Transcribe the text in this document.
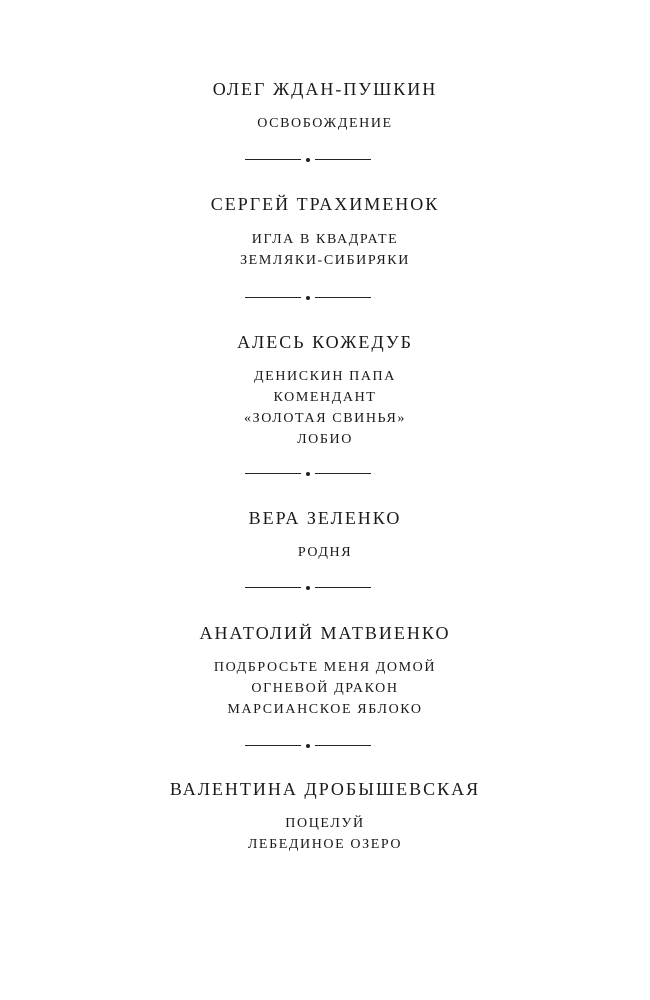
ОЛЕГ ЖДАН-ПУШКИН
ОСВОБОЖДЕНИЕ
СЕРГЕЙ ТРАХИМЕНОК
ИГЛА В КВАДРАТЕ
ЗЕМЛЯКИ-СИБИРЯКИ
АЛЕСЬ КОЖЕДУБ
ДЕНИСКИН ПАПА
КОМЕНДАНТ
«ЗОЛОТАЯ СВИНЬЯ»
ЛОБИО
ВЕРА ЗЕЛЕНКО
РОДНЯ
АНАТОЛИЙ МАТВИЕНКО
ПОДБРОСЬТЕ МЕНЯ ДОМОЙ
ОГНЕВОЙ ДРАКОН
МАРСИАНСКОЕ ЯБЛОКО
ВАЛЕНТИНА ДРОБЫШЕВСКАЯ
ПОЦЕЛУЙ
ЛЕБЕДИНОЕ ОЗЕРО
